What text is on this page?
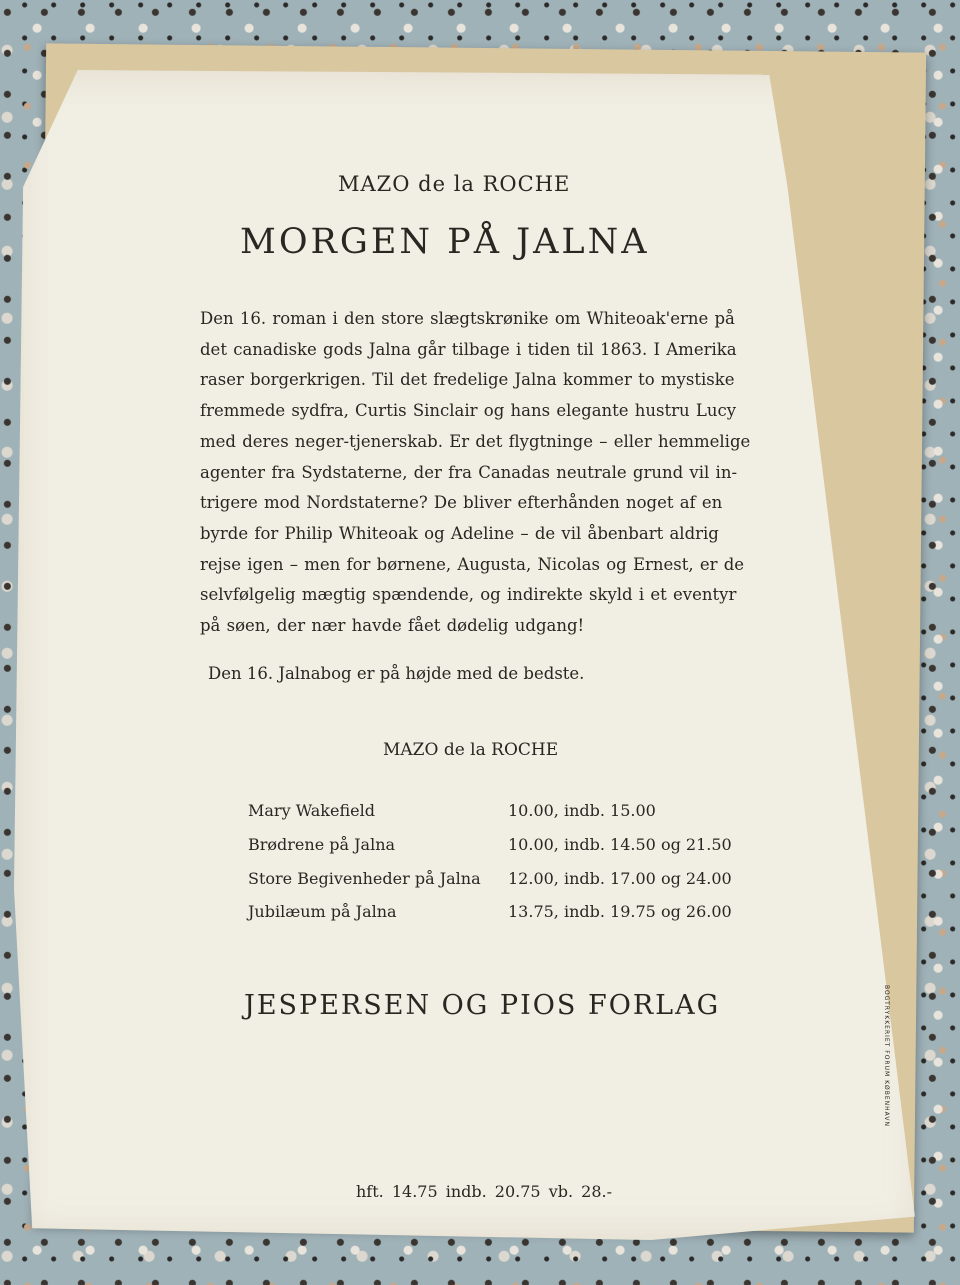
MAZO de la ROCHE
MORGEN PÅ JALNA
Den 16. roman i den store slægtskrønike om Whiteoak'erne på
det canadiske gods Jalna går tilbage i tiden til 1863. I Amerika
raser borgerkrigen. Til det fredelige Jalna kommer to mystiske
fremmede sydfra, Curtis Sinclair og hans elegante hustru Lucy
med deres neger-tjenerskab. Er det flygtninge – eller hemmelige
agenter fra Sydstaterne, der fra Canadas neutrale grund vil in-
trigere mod Nordstaterne? De bliver efterhånden noget af en
byrde for Philip Whiteoak og Adeline – de vil åbenbart aldrig
rejse igen – men for børnene, Augusta, Nicolas og Ernest, er de
selvfølgelig mægtig spændende, og indirekte skyld i et eventyr
på søen, der nær havde fået dødelig udgang!
Den 16. Jalnabog er på højde med de bedste.
MAZO de la ROCHE
Mary Wakefield	10.00, indb. 15.00
Brødrene på Jalna	10.00, indb. 14.50 og 21.50
Store Begivenheder på Jalna	12.00, indb. 17.00 og 24.00
Jubilæum på Jalna	13.75, indb. 19.75 og 26.00
JESPERSEN OG PIOS FORLAG	BOGTRYKKERIET FORUM KØBENHAVN
hft. 14.75 indb. 20.75 vb. 28.-
